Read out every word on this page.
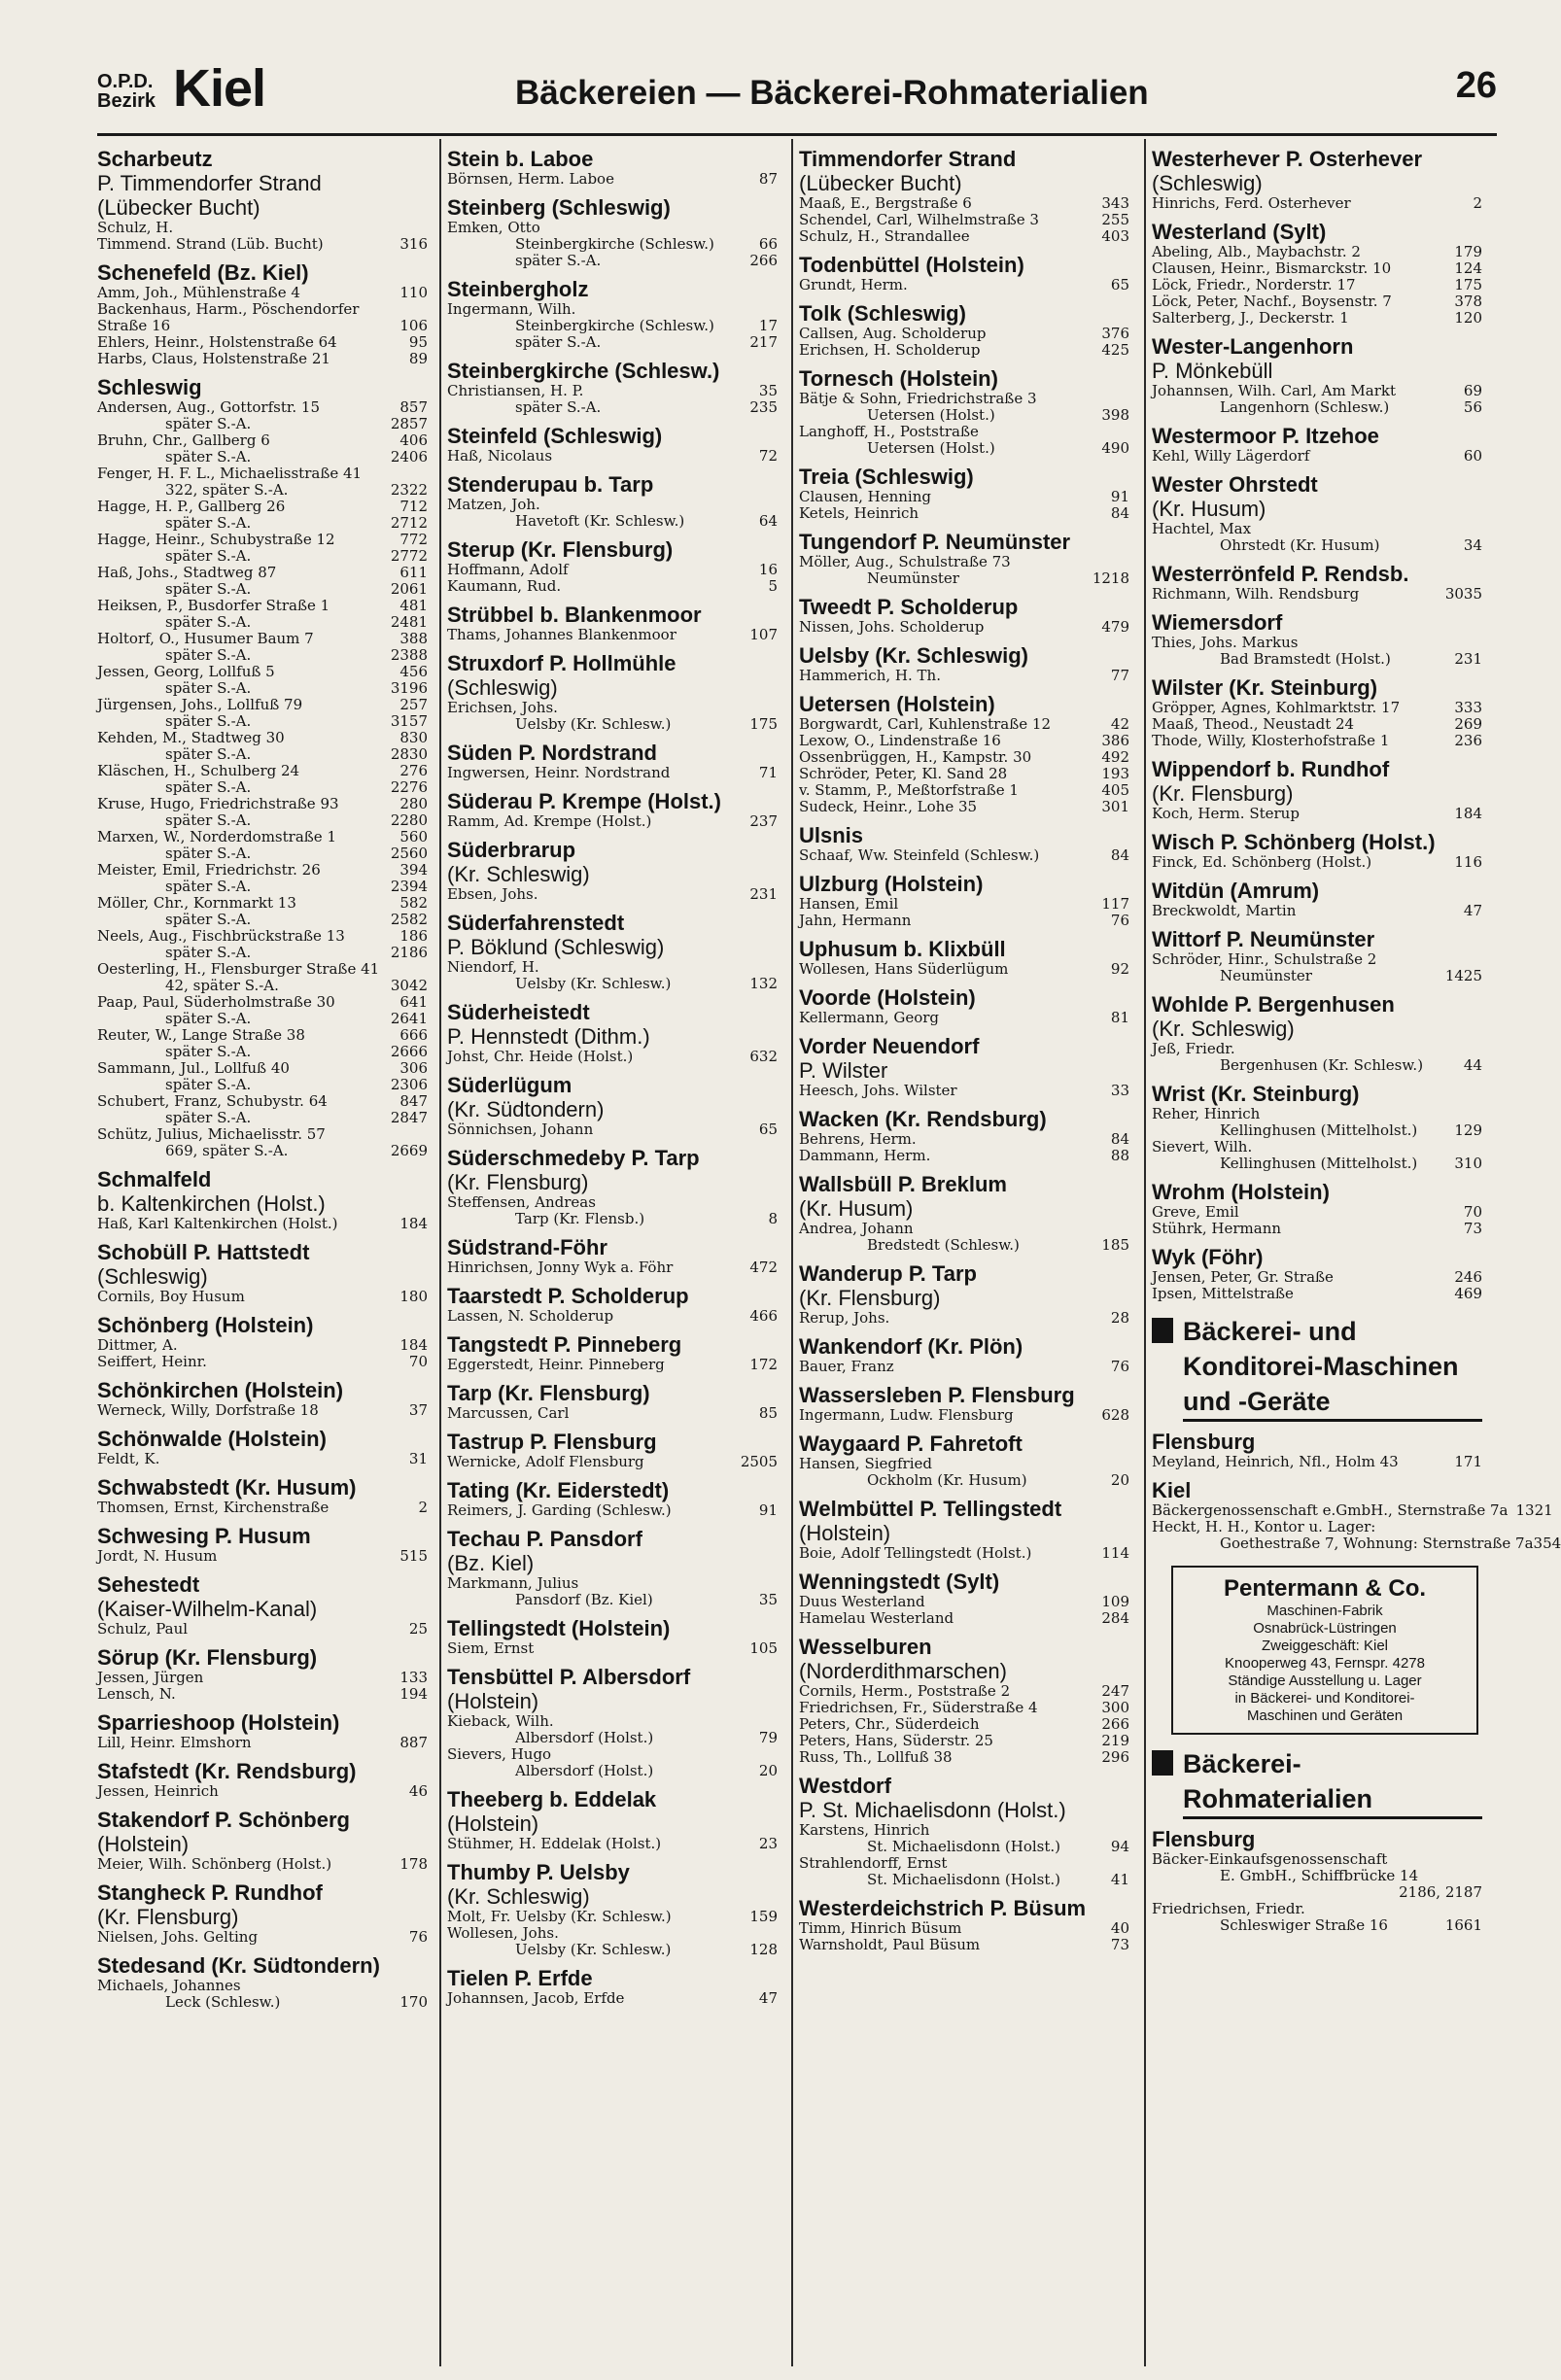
O.P.D.
Bezirk Kiel	Bäckereien — Bäckerei-Rohmaterialien	26
Scharbeutz
P. Timmendorfer Strand
(Lübecker Bucht)
Schulz, H.
Timmend. Strand (Lüb. Bucht)	316
Schenefeld (Bz. Kiel)
Amm, Joh., Mühlenstraße 4	110
Backenhaus, Harm., Pöschendorfer
Straße 16	106
Ehlers, Heinr., Holstenstraße 64	95
Harbs, Claus, Holstenstraße 21	89
Schleswig
Andersen, Aug., Gottorfstr. 15	857
später S.-A.	2857
Bruhn, Chr., Gallberg 6	406
später S.-A.	2406
Fenger, H. F. L., Michaelisstraße 41
322, später S.-A.	2322
Hagge, H. P., Gallberg 26	712
später S.-A.	2712
Hagge, Heinr., Schubystraße 12	772
später S.-A.	2772
Haß, Johs., Stadtweg 87	611
später S.-A.	2061
Heiksen, P., Busdorfer Straße 1	481
später S.-A.	2481
Holtorf, O., Husumer Baum 7	388
später S.-A.	2388
Jessen, Georg, Lollfuß 5	456
später S.-A.	3196
Jürgensen, Johs., Lollfuß 79	257
später S.-A.	3157
Kehden, M., Stadtweg 30	830
später S.-A.	2830
Kläschen, H., Schulberg 24	276
später S.-A.	2276
Kruse, Hugo, Friedrichstraße 93	280
später S.-A.	2280
Marxen, W., Norderdomstraße 1	560
später S.-A.	2560
Meister, Emil, Friedrichstr. 26	394
später S.-A.	2394
Möller, Chr., Kornmarkt 13	582
später S.-A.	2582
Neels, Aug., Fischbrückstraße 13	186
später S.-A.	2186
Oesterling, H., Flensburger Straße 41
42, später S.-A.	3042
Paap, Paul, Süderholmstraße 30	641
später S.-A.	2641
Reuter, W., Lange Straße 38	666
später S.-A.	2666
Sammann, Jul., Lollfuß 40	306
später S.-A.	2306
Schubert, Franz, Schubystr. 64	847
später S.-A.	2847
Schütz, Julius, Michaelisstr. 57
669, später S.-A.	2669
Schmalfeld
b. Kaltenkirchen (Holst.)
Haß, Karl Kaltenkirchen (Holst.)	184
Schobüll P. Hattstedt
(Schleswig)
Cornils, Boy Husum	180
Schönberg (Holstein)
Dittmer, A.	184
Seiffert, Heinr.	70
Schönkirchen (Holstein)
Werneck, Willy, Dorfstraße 18	37
Schönwalde (Holstein)
Feldt, K.	31
Schwabstedt (Kr. Husum)
Thomsen, Ernst, Kirchenstraße	2
Schwesing P. Husum
Jordt, N. Husum	515
Sehestedt
(Kaiser-Wilhelm-Kanal)
Schulz, Paul	25
Sörup (Kr. Flensburg)
Jessen, Jürgen	133
Lensch, N.	194
Sparrieshoop (Holstein)
Lill, Heinr. Elmshorn	887
Stafstedt (Kr. Rendsburg)
Jessen, Heinrich	46
Stakendorf P. Schönberg
(Holstein)
Meier, Wilh. Schönberg (Holst.)	178
Stangheck P. Rundhof
(Kr. Flensburg)
Nielsen, Johs. Gelting	76
Stedesand (Kr. Südtondern)
Michaels, Johannes
Leck (Schlesw.)	170
Stein b. Laboe
Börnsen, Herm. Laboe	87
Steinberg (Schleswig)
Emken, Otto
Steinbergkirche (Schlesw.)	66
später S.-A.	266
Steinbergholz
Ingermann, Wilh.
Steinbergkirche (Schlesw.)	17
später S.-A.	217
Steinbergkirche (Schlesw.)
Christiansen, H. P.	35
später S.-A.	235
Steinfeld (Schleswig)
Haß, Nicolaus	72
Stenderupau b. Tarp
Matzen, Joh.
Havetoft (Kr. Schlesw.)	64
Sterup (Kr. Flensburg)
Hoffmann, Adolf	16
Kaumann, Rud.	5
Strübbel b. Blankenmoor
Thams, Johannes Blankenmoor	107
Struxdorf P. Hollmühle
(Schleswig)
Erichsen, Johs.
Uelsby (Kr. Schlesw.)	175
Süden P. Nordstrand
Ingwersen, Heinr. Nordstrand	71
Süderau P. Krempe (Holst.)
Ramm, Ad. Krempe (Holst.)	237
Süderbrarup
(Kr. Schleswig)
Ebsen, Johs.	231
Süderfahrenstedt
P. Böklund (Schleswig)
Niendorf, H.
Uelsby (Kr. Schlesw.)	132
Süderheistedt
P. Hennstedt (Dithm.)
Johst, Chr. Heide (Holst.)	632
Süderlügum
(Kr. Südtondern)
Sönnichsen, Johann	65
Süderschmedeby P. Tarp
(Kr. Flensburg)
Steffensen, Andreas
Tarp (Kr. Flensb.)	8
Südstrand-Föhr
Hinrichsen, Jonny Wyk a. Föhr	472
Taarstedt P. Scholderup
Lassen, N. Scholderup	466
Tangstedt P. Pinneberg
Eggerstedt, Heinr. Pinneberg	172
Tarp (Kr. Flensburg)
Marcussen, Carl	85
Tastrup P. Flensburg
Wernicke, Adolf Flensburg	2505
Tating (Kr. Eiderstedt)
Reimers, J. Garding (Schlesw.)	91
Techau P. Pansdorf
(Bz. Kiel)
Markmann, Julius
Pansdorf (Bz. Kiel)	35
Tellingstedt (Holstein)
Siem, Ernst	105
Tensbüttel P. Albersdorf
(Holstein)
Kieback, Wilh.
Albersdorf (Holst.)	79
Sievers, Hugo
Albersdorf (Holst.)	20
Theeberg b. Eddelak
(Holstein)
Stühmer, H. Eddelak (Holst.)	23
Thumby P. Uelsby
(Kr. Schleswig)
Molt, Fr. Uelsby (Kr. Schlesw.)	159
Wollesen, Johs.
Uelsby (Kr. Schlesw.)	128
Tielen P. Erfde
Johannsen, Jacob, Erfde	47
Timmendorfer Strand
(Lübecker Bucht)
Maaß, E., Bergstraße 6	343
Schendel, Carl, Wilhelmstraße 3	255
Schulz, H., Strandallee	403
Todenbüttel (Holstein)
Grundt, Herm.	65
Tolk (Schleswig)
Callsen, Aug. Scholderup	376
Erichsen, H. Scholderup	425
Tornesch (Holstein)
Bätje & Sohn, Friedrichstraße 3
Uetersen (Holst.)	398
Langhoff, H., Poststraße
Uetersen (Holst.)	490
Treia (Schleswig)
Clausen, Henning	91
Ketels, Heinrich	84
Tungendorf P. Neumünster
Möller, Aug., Schulstraße 73
Neumünster	1218
Tweedt P. Scholderup
Nissen, Johs. Scholderup	479
Uelsby (Kr. Schleswig)
Hammerich, H. Th.	77
Uetersen (Holstein)
Borgwardt, Carl, Kuhlenstraße 12	42
Lexow, O., Lindenstraße 16	386
Ossenbrüggen, H., Kampstr. 30	492
Schröder, Peter, Kl. Sand 28	193
v. Stamm, P., Meßtorfstraße 1	405
Sudeck, Heinr., Lohe 35	301
Ulsnis
Schaaf, Ww. Steinfeld (Schlesw.)	84
Ulzburg (Holstein)
Hansen, Emil	117
Jahn, Hermann	76
Uphusum b. Klixbüll
Wollesen, Hans Süderlügum	92
Voorde (Holstein)
Kellermann, Georg	81
Vorder Neuendorf
P. Wilster
Heesch, Johs. Wilster	33
Wacken (Kr. Rendsburg)
Behrens, Herm.	84
Dammann, Herm.	88
Wallsbüll P. Breklum
(Kr. Husum)
Andrea, Johann
Bredstedt (Schlesw.)	185
Wanderup P. Tarp
(Kr. Flensburg)
Rerup, Johs.	28
Wankendorf (Kr. Plön)
Bauer, Franz	76
Wassersleben P. Flensburg
Ingermann, Ludw. Flensburg	628
Waygaard P. Fahretoft
Hansen, Siegfried
Ockholm (Kr. Husum)	20
Welmbüttel P. Tellingstedt
(Holstein)
Boie, Adolf Tellingstedt (Holst.)	114
Wenningstedt (Sylt)
Duus Westerland	109
Hamelau Westerland	284
Wesselburen
(Norderdithmarschen)
Cornils, Herm., Poststraße 2	247
Friedrichsen, Fr., Süderstraße 4	300
Peters, Chr., Süderdeich	266
Peters, Hans, Süderstr. 25	219
Russ, Th., Lollfuß 38	296
Westdorf
P. St. Michaelisdonn (Holst.)
Karstens, Hinrich
St. Michaelisdonn (Holst.)	94
Strahlendorff, Ernst
St. Michaelisdonn (Holst.)	41
Westerdeichstrich P. Büsum
Timm, Hinrich Büsum	40
Warnsholdt, Paul Büsum	73
Westerhever P. Osterhever
(Schleswig)
Hinrichs, Ferd. Osterhever	2
Westerland (Sylt)
Abeling, Alb., Maybachstr. 2	179
Clausen, Heinr., Bismarckstr. 10	124
Löck, Friedr., Norderstr. 17	175
Löck, Peter, Nachf., Boysenstr. 7	378
Salterberg, J., Deckerstr. 1	120
Wester-Langenhorn
P. Mönkebüll
Johannsen, Wilh. Carl, Am Markt	69
Langenhorn (Schlesw.)	56
Westermoor P. Itzehoe
Kehl, Willy Lägerdorf	60
Wester Ohrstedt
(Kr. Husum)
Hachtel, Max
Ohrstedt (Kr. Husum)	34
Westerrönfeld P. Rendsb.
Richmann, Wilh. Rendsburg	3035
Wiemersdorf
Thies, Johs. Markus
Bad Bramstedt (Holst.)	231
Wilster (Kr. Steinburg)
Gröpper, Agnes, Kohlmarktstr. 17	333
Maaß, Theod., Neustadt 24	269
Thode, Willy, Klosterhofstraße 1	236
Wippendorf b. Rundhof
(Kr. Flensburg)
Koch, Herm. Sterup	184
Wisch P. Schönberg (Holst.)
Finck, Ed. Schönberg (Holst.)	116
Witdün (Amrum)
Breckwoldt, Martin	47
Wittorf P. Neumünster
Schröder, Hinr., Schulstraße 2
Neumünster	1425
Wohlde P. Bergenhusen
(Kr. Schleswig)
Jeß, Friedr.
Bergenhusen (Kr. Schlesw.)	44
Wrist (Kr. Steinburg)
Reher, Hinrich
Kellinghusen (Mittelholst.)	129
Sievert, Wilh.
Kellinghusen (Mittelholst.)	310
Wrohm (Holstein)
Greve, Emil	70
Stührk, Hermann	73
Wyk (Föhr)
Jensen, Peter, Gr. Straße	246
Ipsen, Mittelstraße	469
Bäckerei- und Konditorei-Maschinen und -Geräte
Flensburg
Meyland, Heinrich, Nfl., Holm 43	171
Kiel
Bäckergenossenschaft e.GmbH., Sternstraße 7a 1321
Heckt, H. H., Kontor u. Lager:
Goethestraße 7, Wohnung: Sternstraße 7a 354
Pentermann & Co.
Maschinen-Fabrik
Osnabrück-Lüstringen
Zweiggeschäft: Kiel
Knooperweg 43, Fernspr. 4278
Ständige Ausstellung u. Lager
in Bäckerei- und Konditorei-
Maschinen und Geräten
Bäckerei-Rohmaterialien
Flensburg
Bäcker-Einkaufsgenossenschaft
E. GmbH., Schiffbrücke 14
2186, 2187
Friedrichsen, Friedr.
Schleswiger Straße 16	1661
